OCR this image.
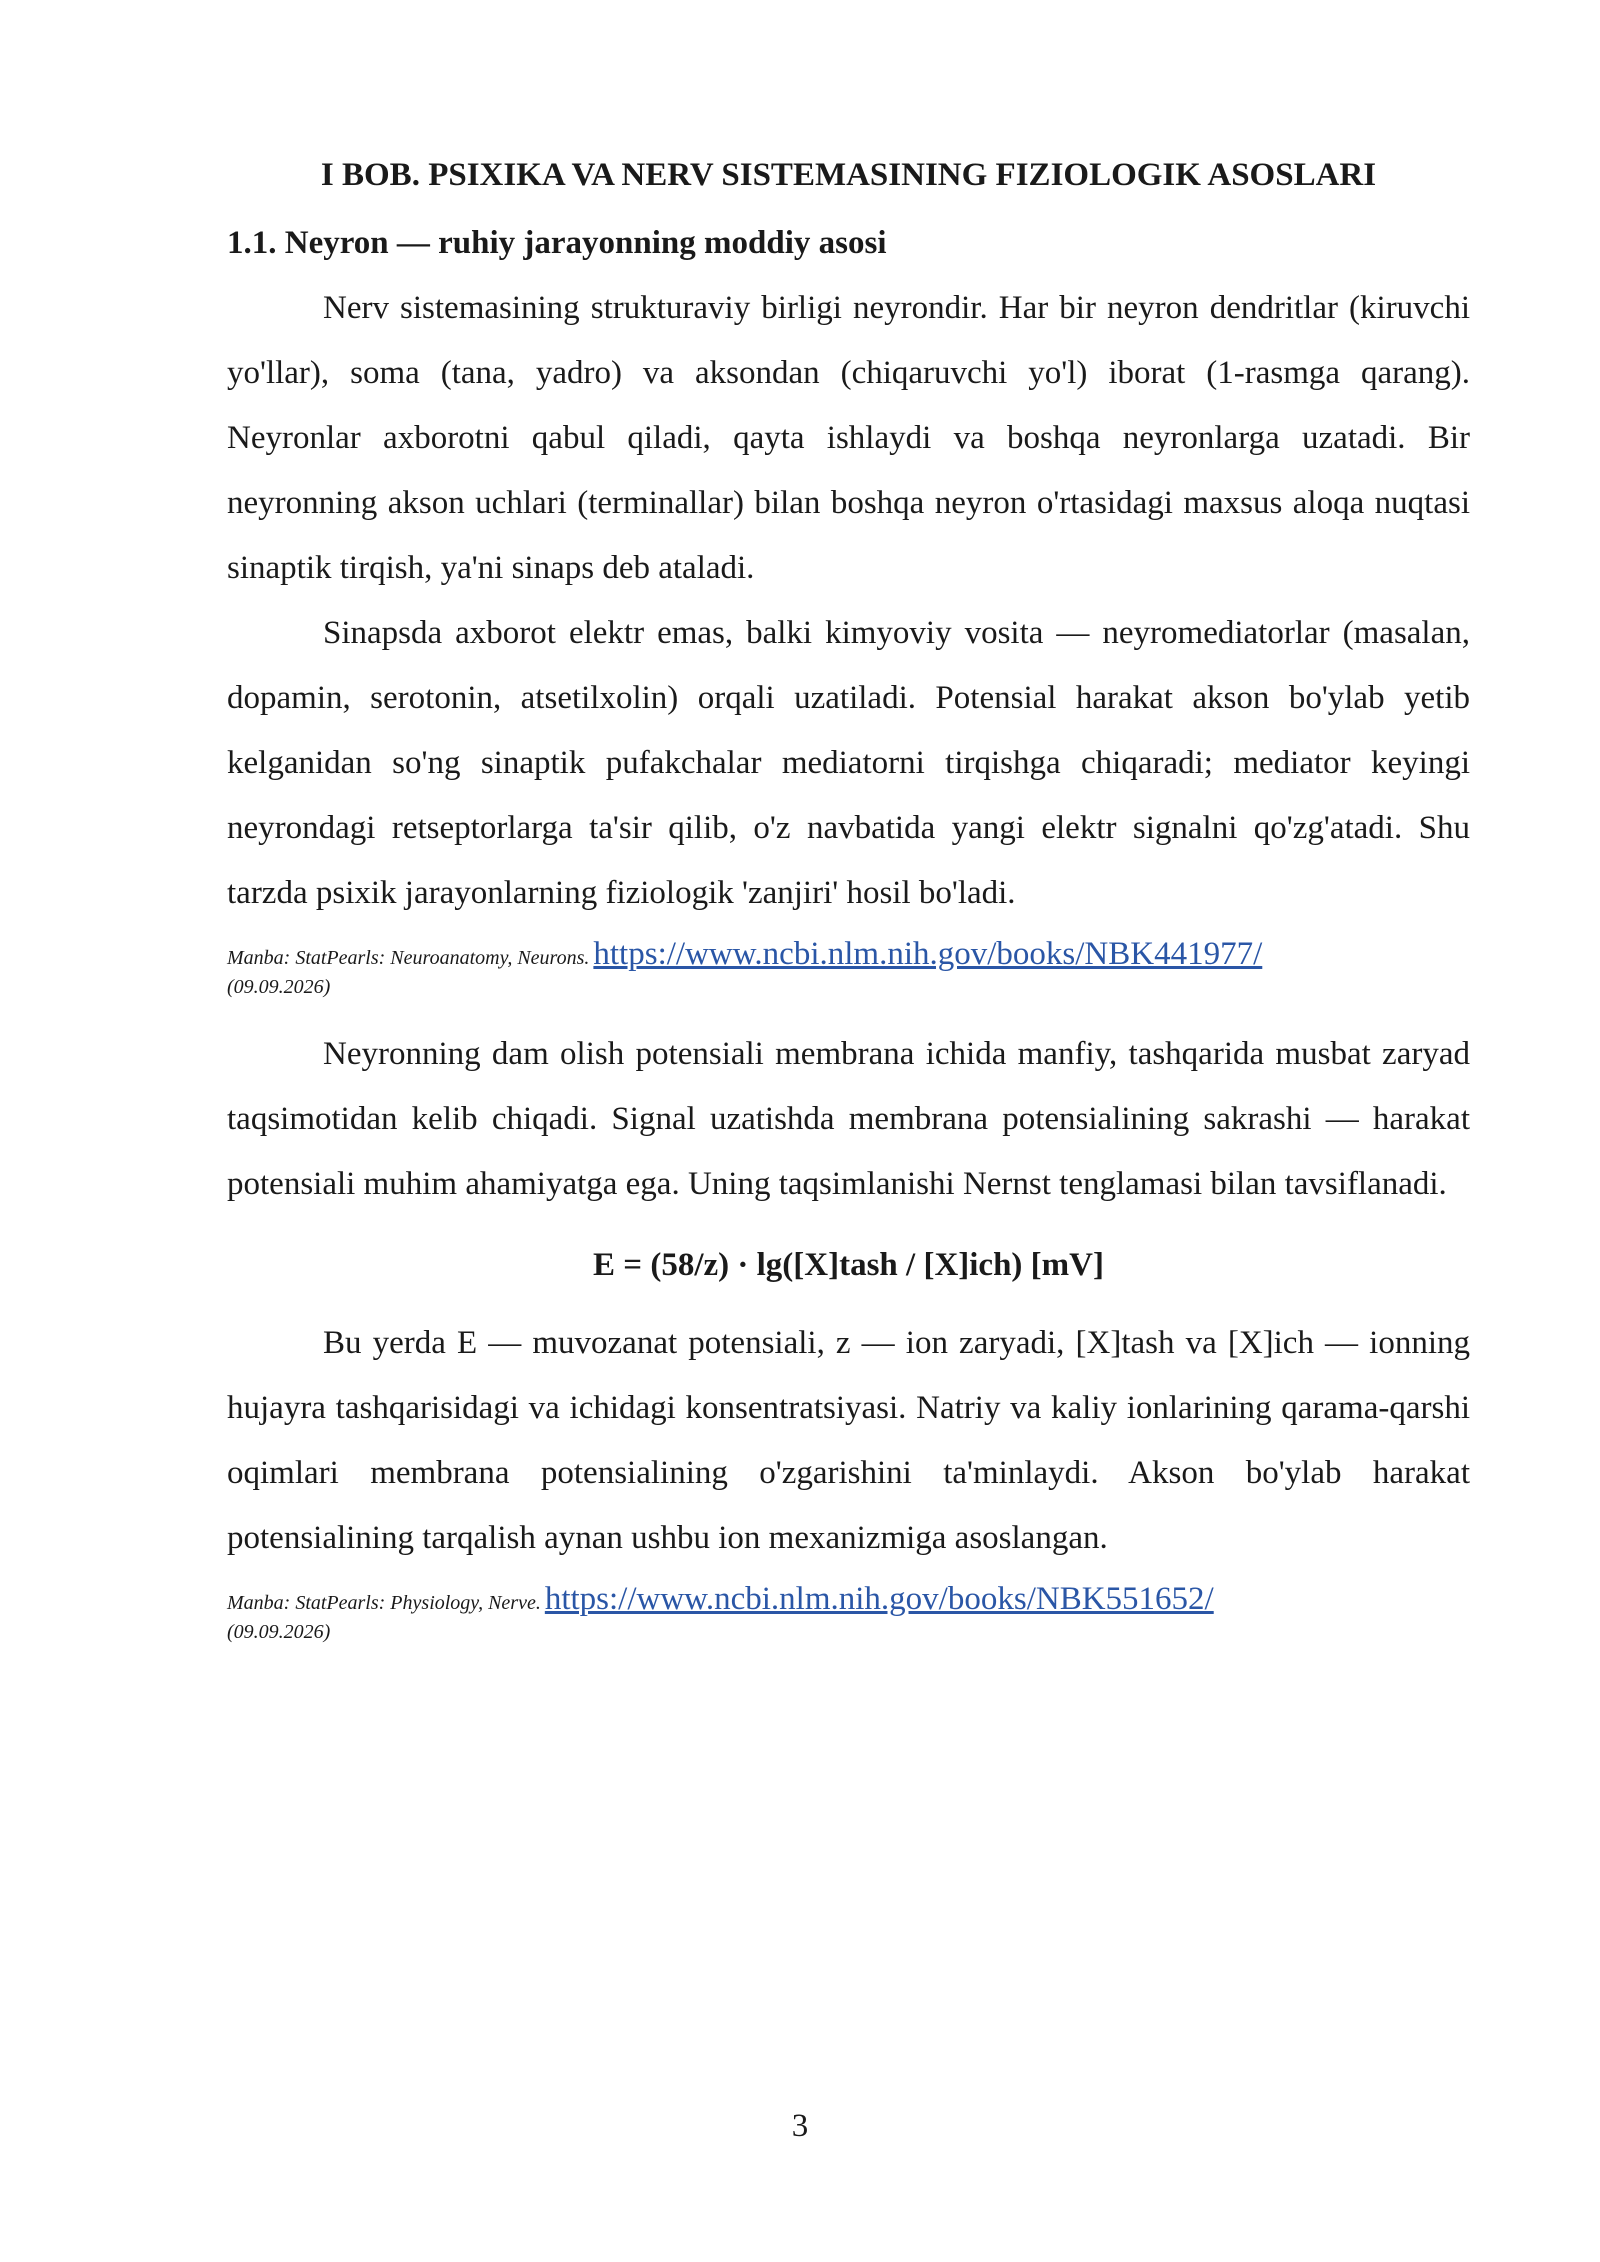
I BOB. PSIXIKA VA NERV SISTEMASINING FIZIOLOGIK ASOSLARI
1.1. Neyron — ruhiy jarayonning moddiy asosi

Nerv sistemasining strukturaviy birligi neyrondir. Har bir neyron dendritlar (kiruvchi yo'llar), soma (tana, yadro) va aksondan (chiqaruvchi yo'l) iborat (1-rasmga qarang). Neyronlar axborotni qabul qiladi, qayta ishlaydi va boshqa neyronlarga uzatadi. Bir neyronning akson uchlari (terminallar) bilan boshqa neyron o'rtasidagi maxsus aloqa nuqtasi sinaptik tirqish, ya'ni sinaps deb ataladi.

Sinapsda axborot elektr emas, balki kimyoviy vosita — neyromediatorlar (masalan, dopamin, serotonin, atsetilxolin) orqali uzatiladi. Potensial harakat akson bo'ylab yetib kelganidan so'ng sinaptik pufakchalar mediatorni tirqishga chiqaradi; mediator keyingi neyrondagi retseptorlarga ta'sir qilib, o'z navbatida yangi elektr signalni qo'zg'atadi. Shu tarzda psixik jarayonlarning fiziologik 'zanjiri' hosil bo'ladi.

Manba: StatPearls: Neuroanatomy, Neurons. https://www.ncbi.nlm.nih.gov/books/NBK441977/
(09.09.2026)

Neyronning dam olish potensiali membrana ichida manfiy, tashqarida musbat zaryad taqsimotidan kelib chiqadi. Signal uzatishda membrana potensialining sakrashi — harakat potensiali muhim ahamiyatga ega. Uning taqsimlanishi Nernst tenglamasi bilan tavsiflanadi.

E = (58/z) · lg([X]tash / [X]ich) [mV]

Bu yerda E — muvozanat potensiali, z — ion zaryadi, [X]tash va [X]ich — ionning hujayra tashqarisidagi va ichidagi konsentratsiyasi. Natriy va kaliy ionlarining qarama-qarshi oqimlari membrana potensialining o'zgarishini ta'minlaydi. Akson bo'ylab harakat potensialining tarqalish aynan ushbu ion mexanizmiga asoslangan.

Manba: StatPearls: Physiology, Nerve. https://www.ncbi.nlm.nih.gov/books/NBK551652/
(09.09.2026)
3
